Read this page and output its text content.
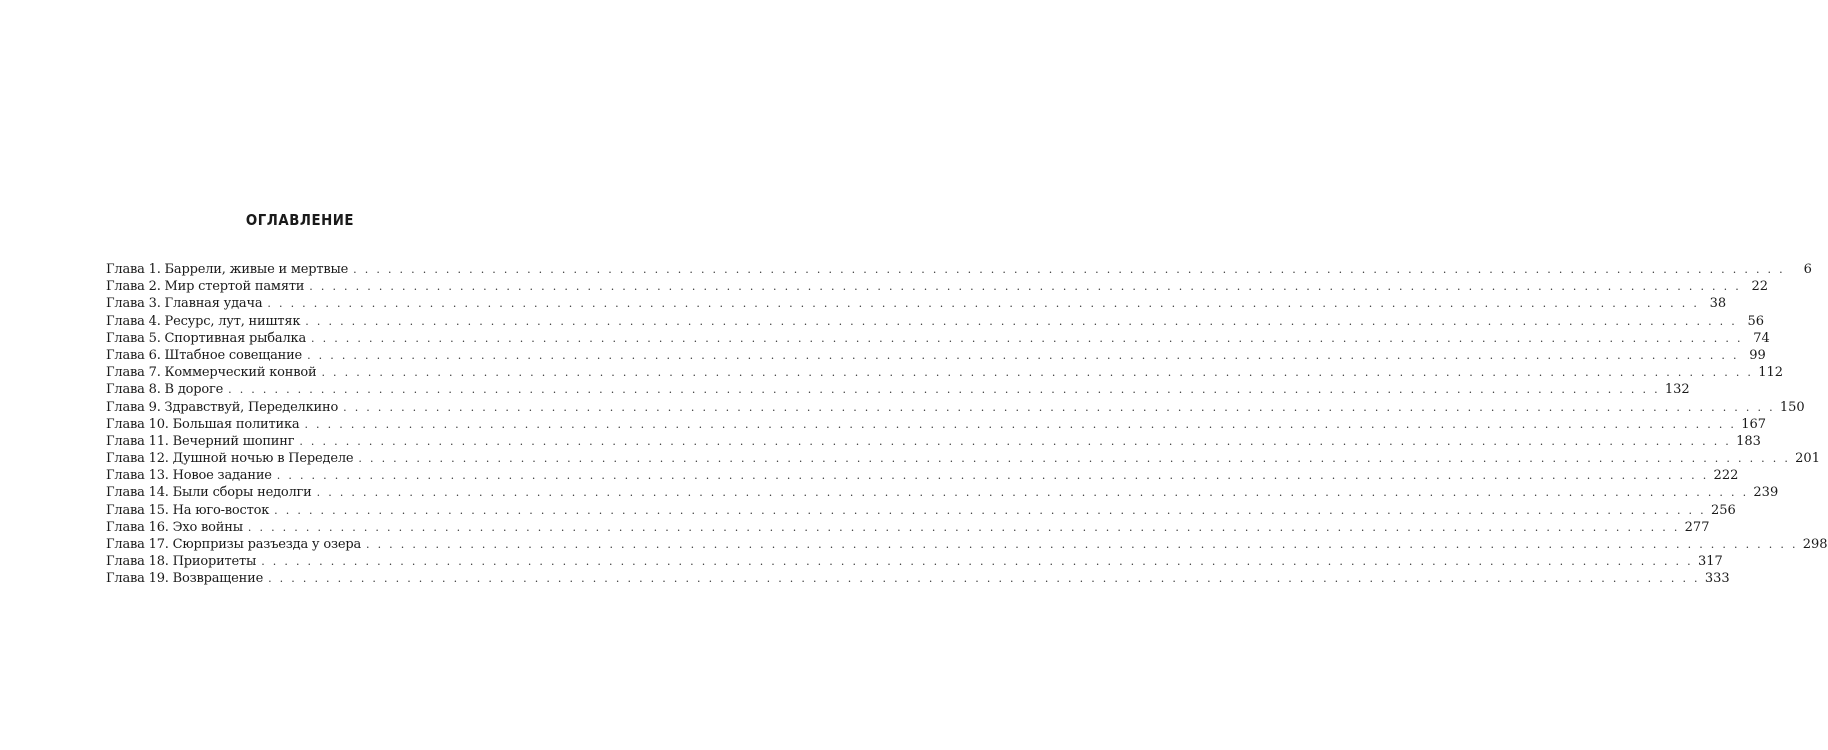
ОГЛАВЛЕНИЕ
Глава 1. Баррели, живые и мертвые . . .	6
Глава 2. Мир стертой памяти . . .	22
Глава 3. Главная удача . . .	38
Глава 4. Ресурс, лут, ништяк . . .	56
Глава 5. Спортивная рыбалка . . .	74
Глава 6. Штабное совещание . . .	99
Глава 7. Коммерческий конвой . . .	112
Глава 8. В дороге . . .	132
Глава 9. Здравствуй, Переделкино . . .	150
Глава 10. Большая политика . . .	167
Глава 11. Вечерний шопинг . . .	183
Глава 12. Душной ночью в Переделе . . .	201
Глава 13. Новое задание . . .	222
Глава 14. Были сборы недолги . . .	239
Глава 15. На юго-восток . . .	256
Глава 16. Эхо войны . . .	277
Глава 17. Сюрпризы разъезда у озера . . .	298
Глава 18. Приоритеты . . .	317
Глава 19. Возвращение . . .	333
